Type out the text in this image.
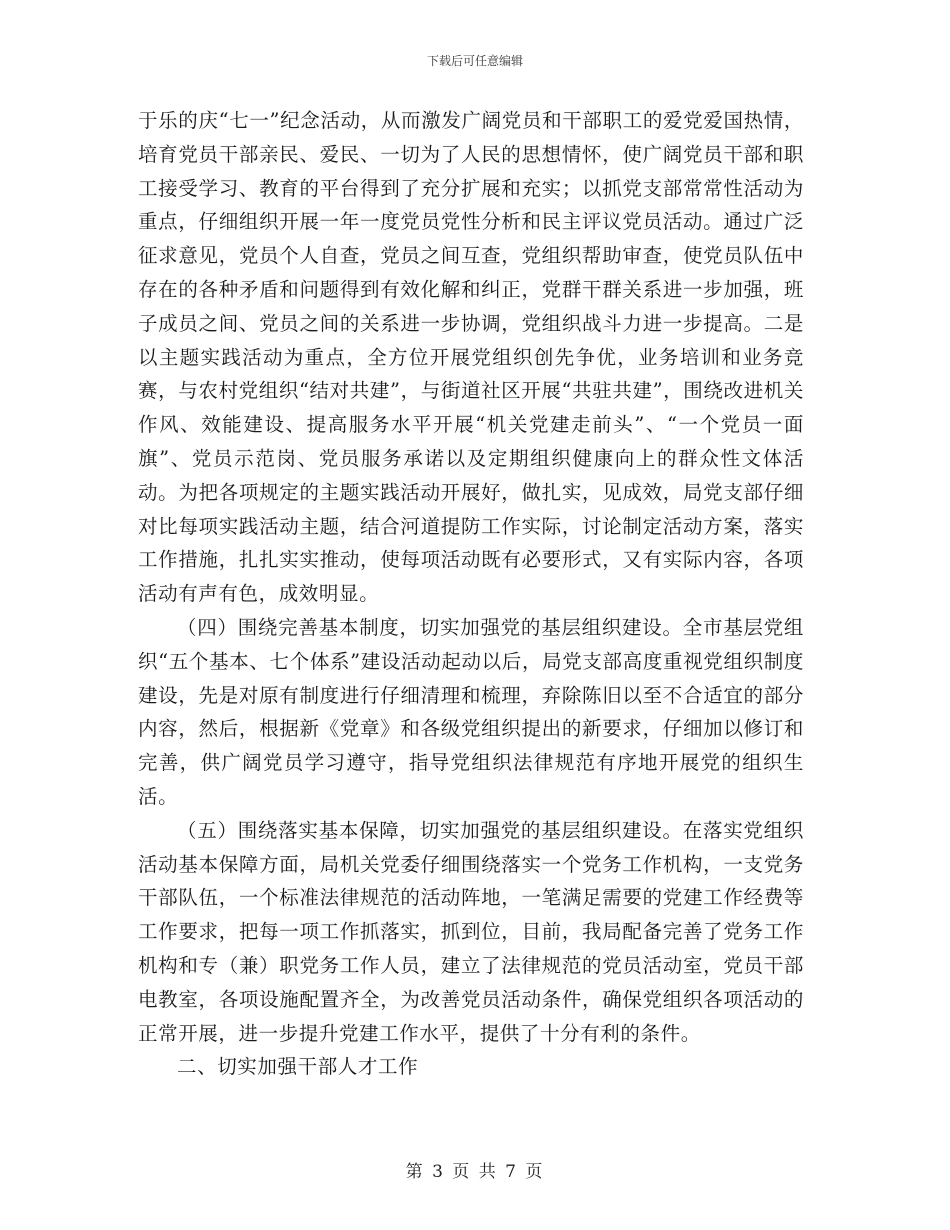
下载后可任意编辑

于乐的庆“七一”纪念活动，从而激发广阔党员和干部职工的爱党爱国热情，培育党员干部亲民、爱民、一切为了人民的思想情怀，使广阔党员干部和职工接受学习、教育的平台得到了充分扩展和充实；以抓党支部常常性活动为重点，仔细组织开展一年一度党员党性分析和民主评议党员活动。通过广泛征求意见，党员个人自查，党员之间互查，党组织帮助审查，使党员队伍中存在的各种矛盾和问题得到有效化解和纠正，党群干群关系进一步加强，班子成员之间、党员之间的关系进一步协调，党组织战斗力进一步提高。二是以主题实践活动为重点，全方位开展党组织创先争优，业务培训和业务竞赛，与农村党组织“结对共建”，与街道社区开展“共驻共建”，围绕改进机关作风、效能建设、提高服务水平开展“机关党建走前头”、“一个党员一面旗”、党员示范岗、党员服务承诺以及定期组织健康向上的群众性文体活动。为把各项规定的主题实践活动开展好，做扎实，见成效，局党支部仔细对比每项实践活动主题，结合河道提防工作实际，讨论制定活动方案，落实工作措施，扎扎实实推动，使每项活动既有必要形式，又有实际内容，各项活动有声有色，成效明显。

（四）围绕完善基本制度，切实加强党的基层组织建设。全市基层党组织“五个基本、七个体系”建设活动起动以后，局党支部高度重视党组织制度建设，先是对原有制度进行仔细清理和梳理，弃除陈旧以至不合适宜的部分内容，然后，根据新《党章》和各级党组织提出的新要求，仔细加以修订和完善，供广阔党员学习遵守，指导党组织法律规范有序地开展党的组织生活。

（五）围绕落实基本保障，切实加强党的基层组织建设。在落实党组织活动基本保障方面，局机关党委仔细围绕落实一个党务工作机构，一支党务干部队伍，一个标准法律规范的活动阵地，一笔满足需要的党建工作经费等工作要求，把每一项工作抓落实，抓到位，目前，我局配备完善了党务工作机构和专（兼）职党务工作人员，建立了法律规范的党员活动室，党员干部电教室，各项设施配置齐全，为改善党员活动条件，确保党组织各项活动的正常开展，进一步提升党建工作水平，提供了十分有利的条件。

二、切实加强干部人才工作

第 3 页 共 7 页
